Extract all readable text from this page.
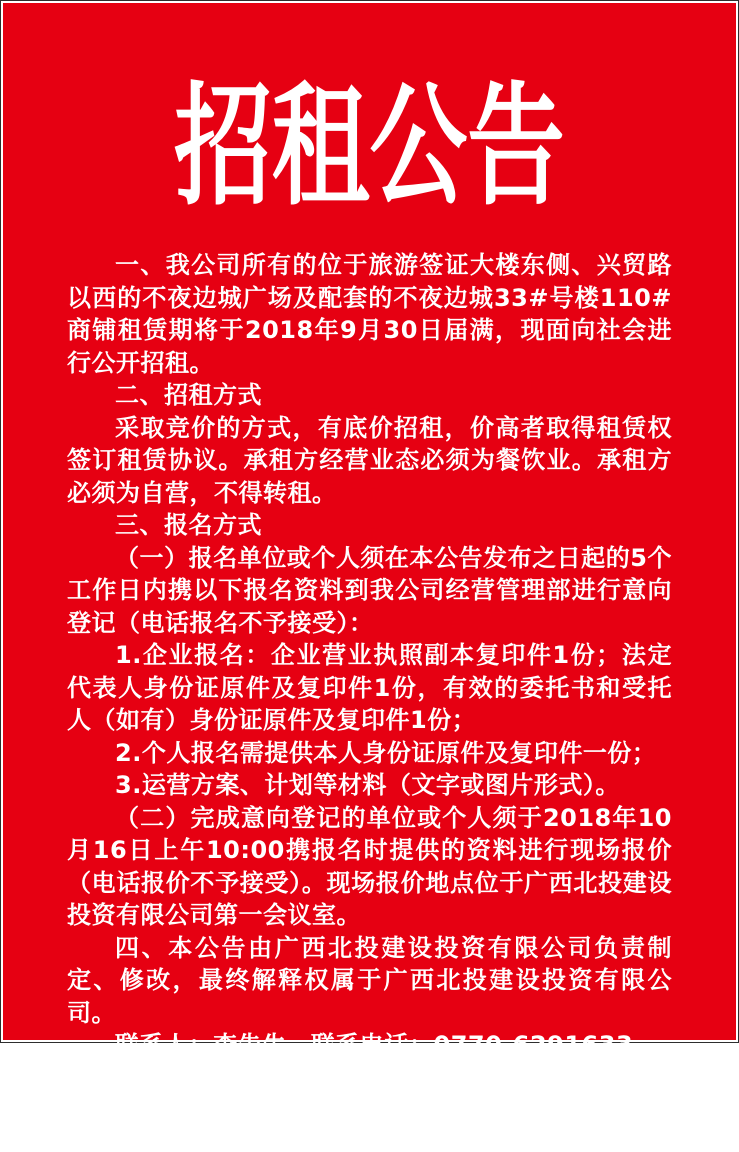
招租公告

一、我公司所有的位于旅游签证大楼东侧、兴贸路以西的不夜边城广场及配套的不夜边城33#号楼110#商铺租赁期将于2018年9月30日届满，现面向社会进行公开招租。

二、招租方式

采取竞价的方式，有底价招租，价高者取得租赁权签订租赁协议。承租方经营业态必须为餐饮业。承租方必须为自营，不得转租。

三、报名方式

（一）报名单位或个人须在本公告发布之日起的5个工作日内携以下报名资料到我公司经营管理部进行意向登记（电话报名不予接受）：

1.企业报名：企业营业执照副本复印件1份；法定代表人身份证原件及复印件1份，有效的委托书和受托人（如有）身份证原件及复印件1份；

2.个人报名需提供本人身份证原件及复印件一份；

3.运营方案、计划等材料（文字或图片形式）。

（二）完成意向登记的单位或个人须于2018年10月16日上午10:00携报名时提供的资料进行现场报价（电话报价不予接受）。现场报价地点位于广西北投建设投资有限公司第一会议室。

四、本公告由广西北投建设投资有限公司负责制定、修改，最终解释权属于广西北投建设投资有限公司。

联系人：李先生　联系电话：0770-6291633

广西北投建设投资有限公司

2018年9月30日
